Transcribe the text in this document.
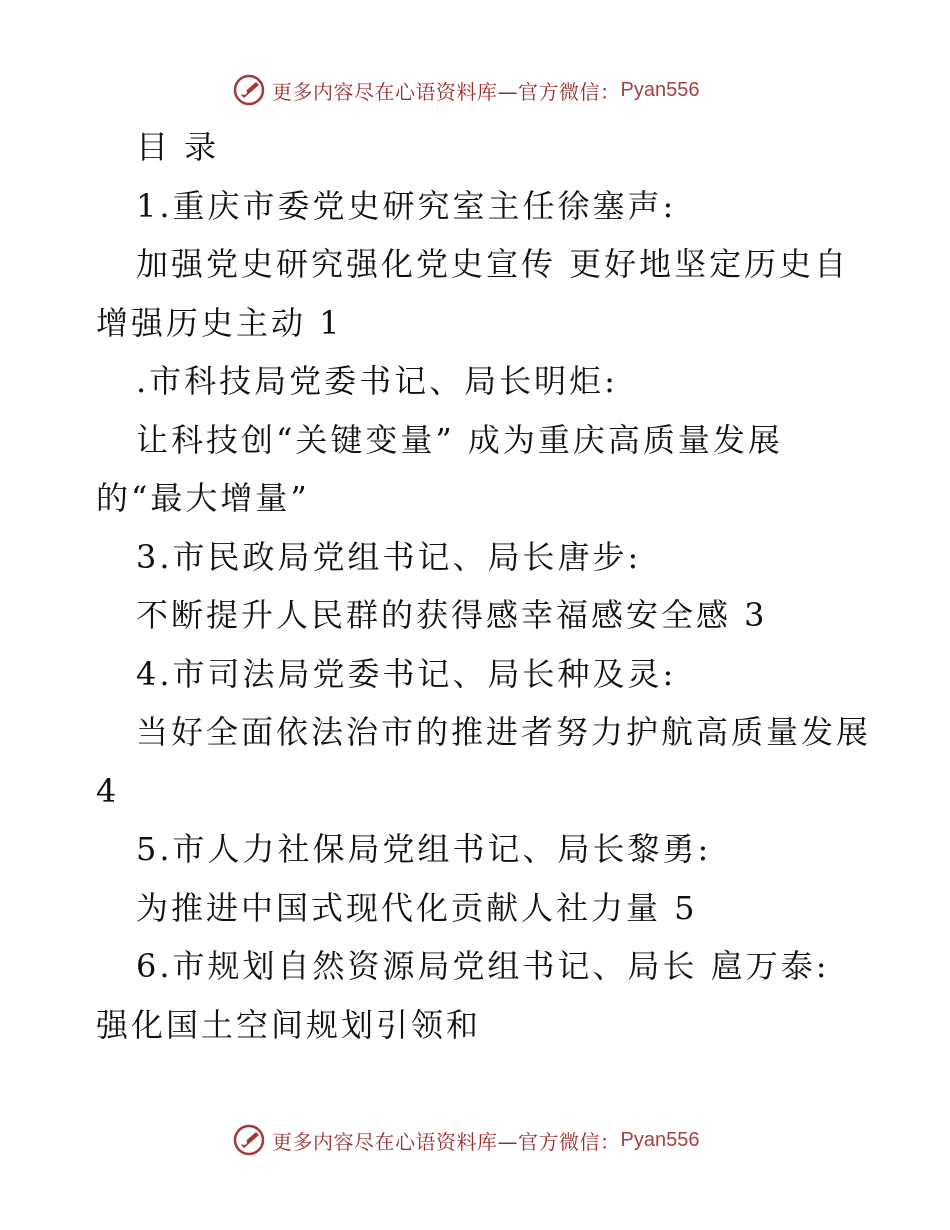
更多内容尽在心语资料库—官方微信： Pyan556
目 录
1.重庆市委党史研究室主任徐塞声:
加强党史研究强化党史宣传 更好地坚定历史自
增强历史主动 1
.市科技局党委书记、局长明炬:
让科技创“关键变量” 成为重庆高质量发展
的“最大增量”
3.市民政局党组书记、局长唐步:
不断提升人民群的获得感幸福感安全感 3
4.市司法局党委书记、局长种及灵:
当好全面依法治市的推进者努力护航高质量发展
4
5.市人力社保局党组书记、局长黎勇:
为推进中国式现代化贡献人社力量 5
6.市规划自然资源局党组书记、局长 扈万泰:
强化国土空间规划引领和
更多内容尽在心语资料库—官方微信： Pyan556
